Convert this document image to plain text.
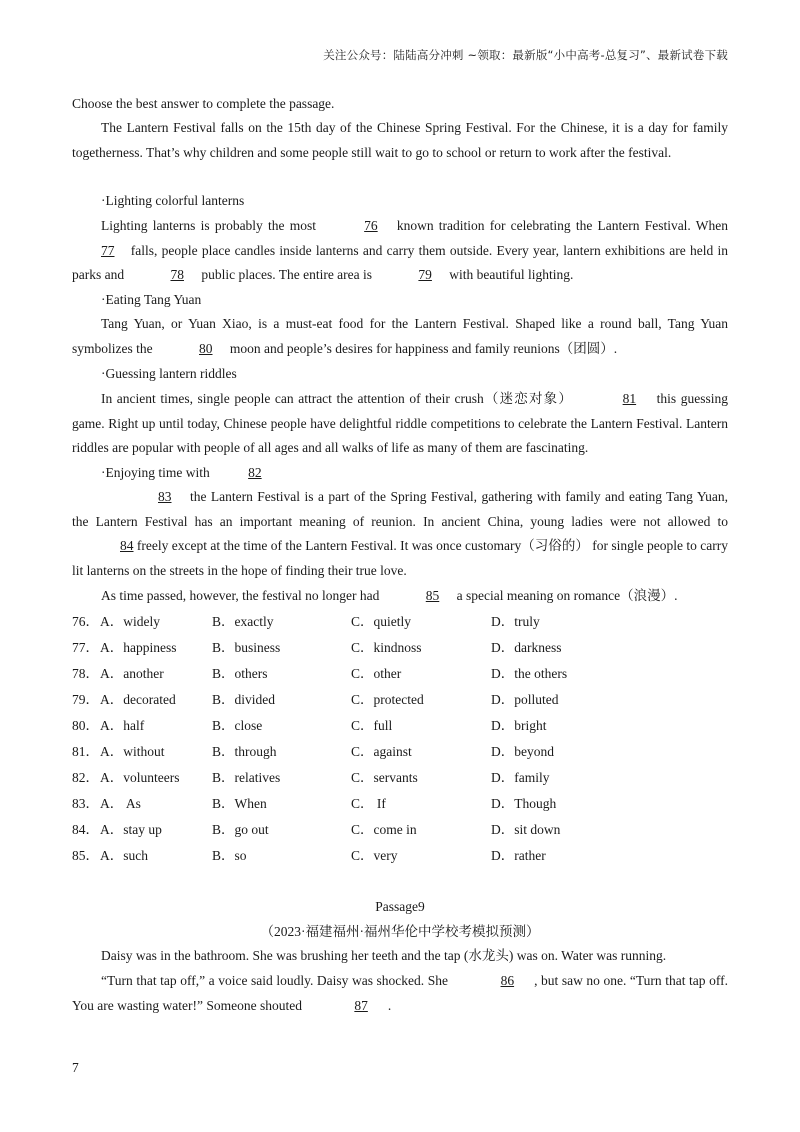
关注公众号：陆陆高分冲刺 ~领取：最新版“小中高考-总复习”、最新试卷下载

Choose the best answer to complete the passage.

The Lantern Festival falls on the 15th day of the Chinese Spring Festival. For the Chinese, it is a day for family togetherness. That’s why children and some people still wait to go to school or return to work after the festival.

·Lighting colorful lanterns

Lighting lanterns is probably the most	76 known tradition for celebrating the Lantern Festival. When 77 falls, people place candles inside lanterns and carry them outside. Every year, lantern exhibitions are held in parks and	78 public places. The entire area is	79 with beautiful lighting.

·Eating Tang Yuan

Tang Yuan, or Yuan Xiao, is a must-eat food for the Lantern Festival. Shaped like a round ball, Tang Yuan symbolizes the	80 moon and people’s desires for happiness and family reunions（团圆）.

·Guessing lantern riddles

In ancient times, single people can attract the attention of their crush（迷恋对象）	81 this guessing game. Right up until today, Chinese people have delightful riddle competitions to celebrate the Lantern Festival. Lantern riddles are popular with people of all ages and all walks of life as many of them are fascinating.

·Enjoying time with	82

83 the Lantern Festival is a part of the Spring Festival, gathering with family and eating Tang Yuan, the Lantern Festival has an important meaning of reunion. In ancient China, young ladies were not allowed to 84 freely except at the time of the Lantern Festival. It was once customary（习俗的） for single people to carry lit lanterns on the streets in the hope of finding their true love.

As time passed, however, the festival no longer had	85 a special meaning on romance（浪漫）.

76． A．widely	B．exactly	C．quietly	D．truly
77． A．happiness	B．business	C．kindnoss	D．darkness
78． A．another	B．others	C．other	D．the others
79． A．decorated	B．divided	C．protected	D．polluted
80． A．half	B．close	C．full	D．bright
81． A．without	B．through	C．against	D．beyond
82． A．volunteers B．relatives	C．servants	D．family
83． A． As	B．When	C． If	D．Though
84． A．stay up	B．go out	C．come in	D．sit down
85． A．such	B．so	C．very	D．rather
Passage9
（2023·福建福州·福州华伦中学校考模拟预测）

Daisy was in the bathroom. She was brushing her teeth and the tap (水龙头) was on. Water was running.

“Turn that tap off,” a voice said loudly. Daisy was shocked. She	86 , but saw no one. “Turn that tap off. You are wasting water!” Someone shouted	87 .

7
